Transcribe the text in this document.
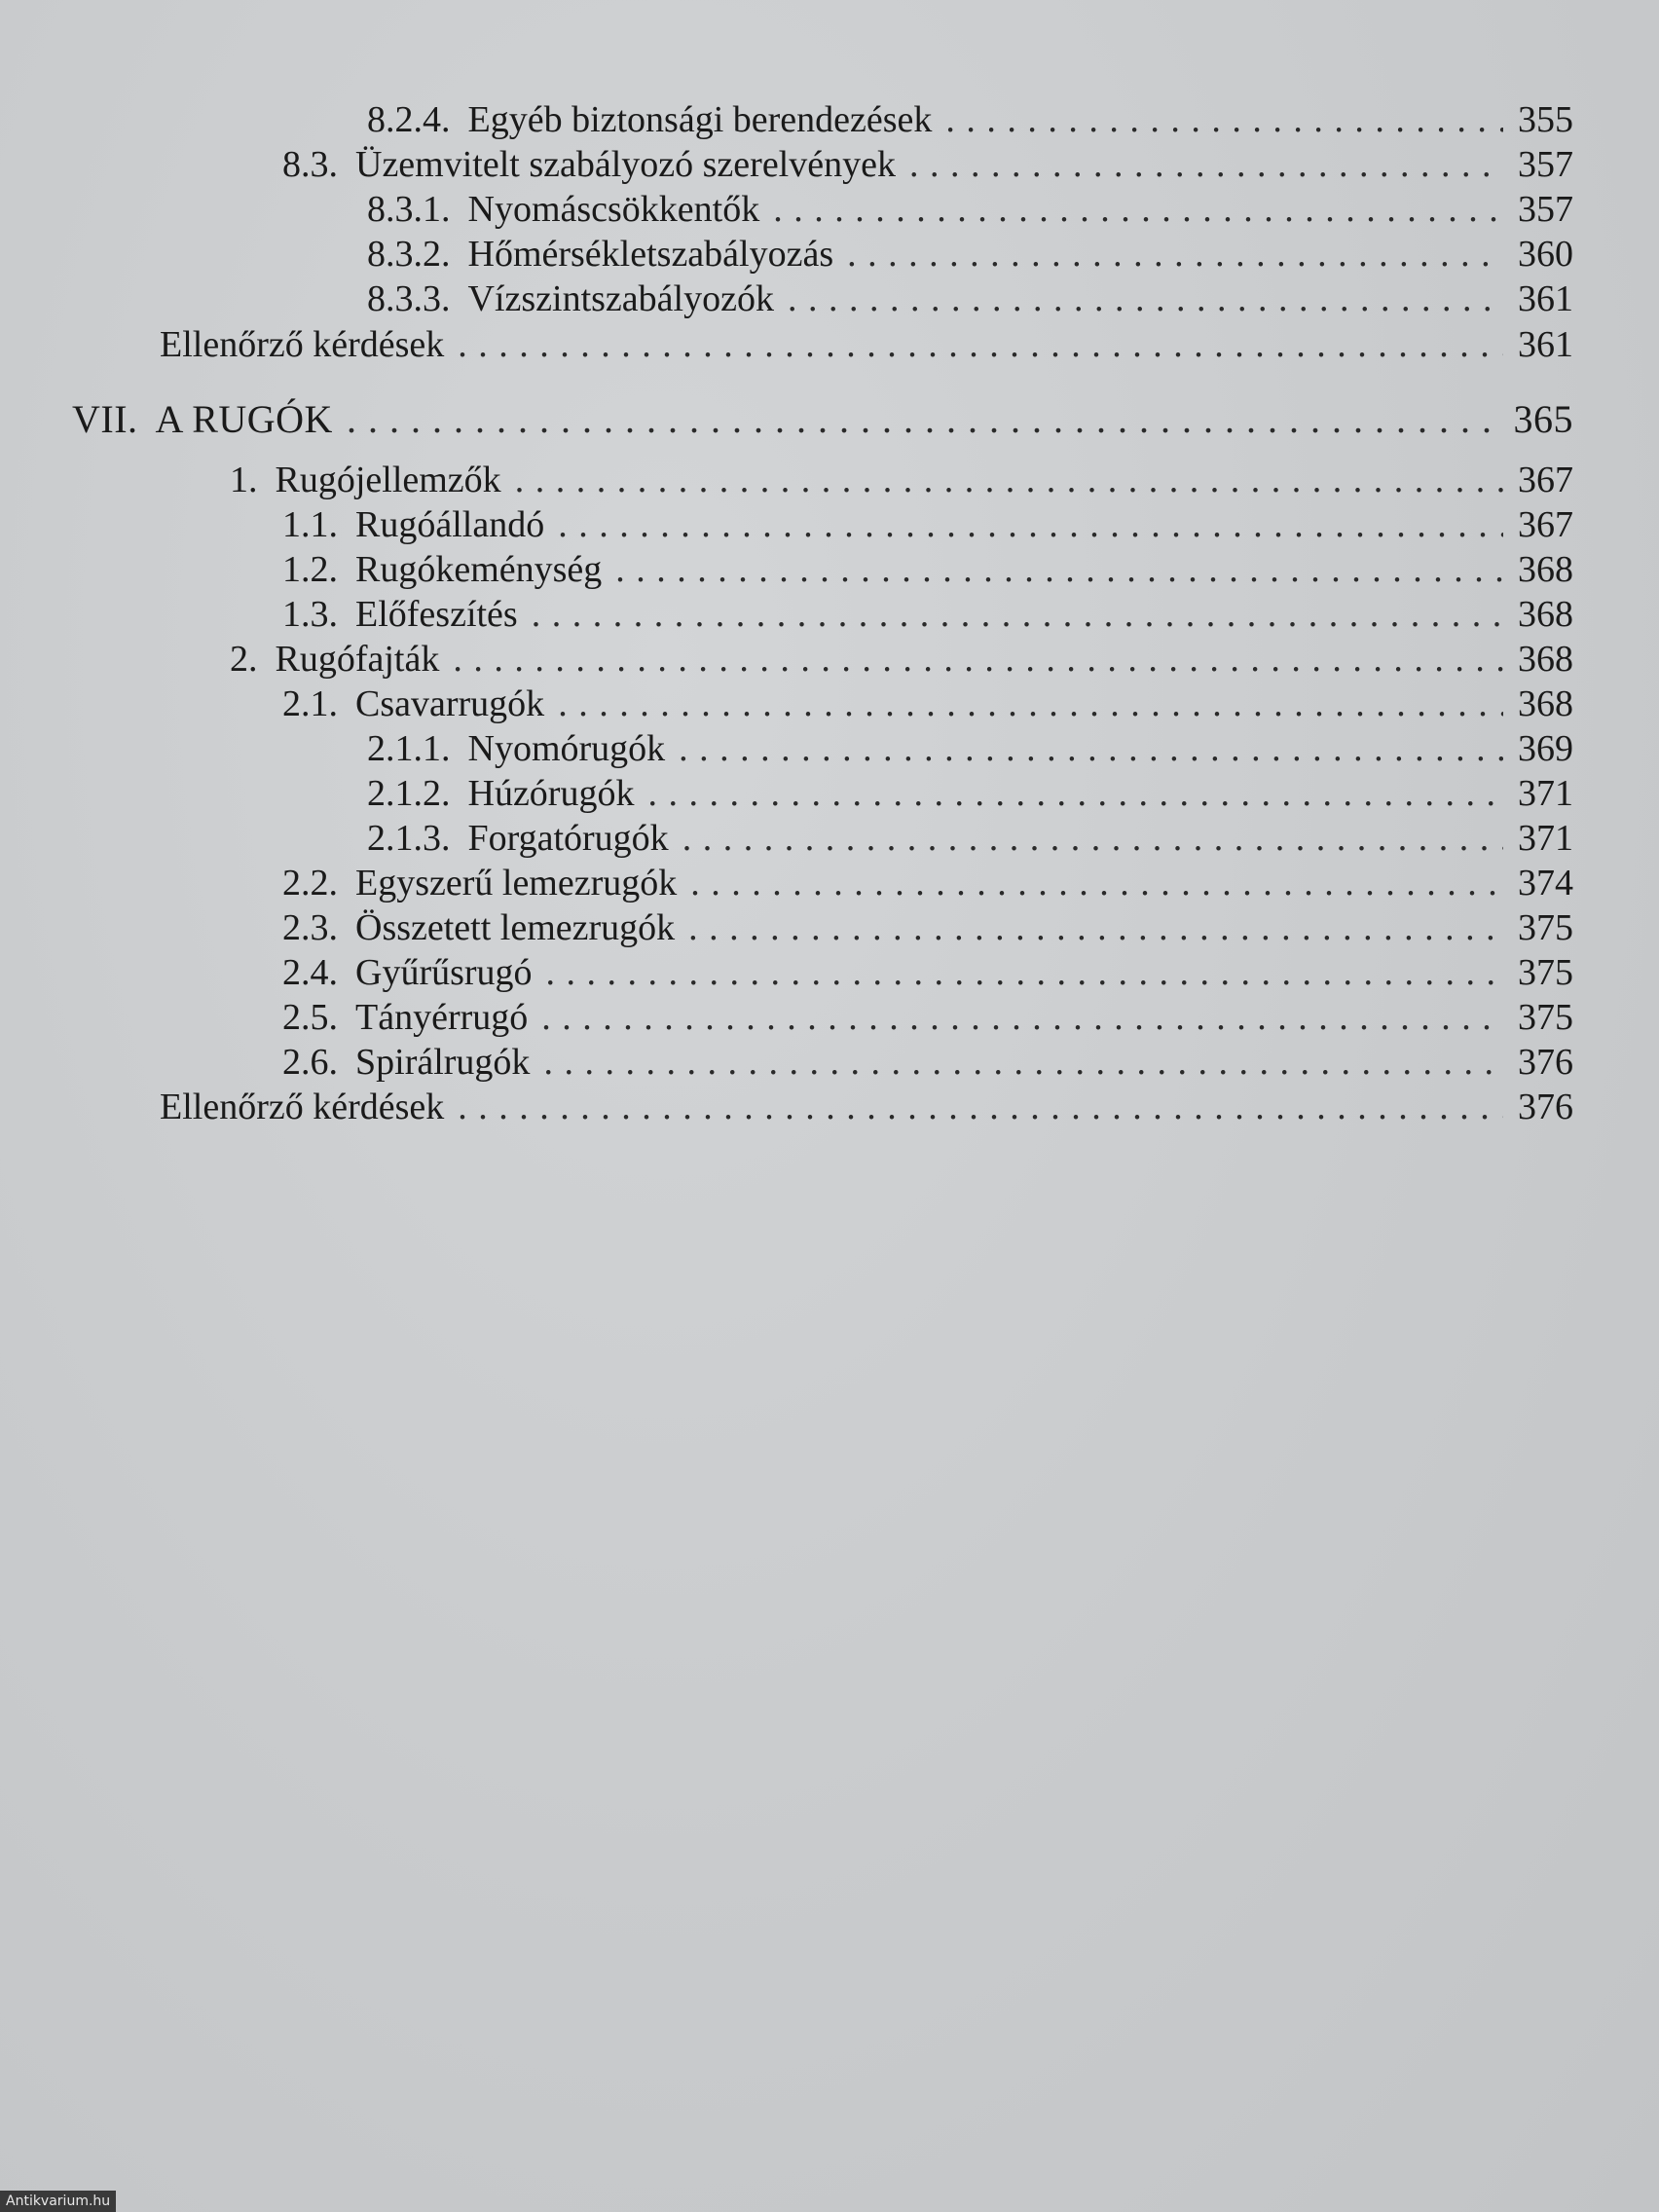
8.2.4. Egyéb biztonsági berendezések . . .	355
8.3. Üzemvitelt szabályozó szerelvények . . .	357
8.3.1. Nyomáscsökkentők . . .	357
8.3.2. Hőmérsékletszabályozás . . .	360
8.3.3. Vízszintszabályozók . . .	361
Ellenőrző kérdések . . .	361
VII. A RUGÓK . . .	365
1. Rugójellemzők . . .	367
1.1. Rugóállandó . . .	367
1.2. Rugókeménység . . .	368
1.3. Előfeszítés . . .	368
2. Rugófajták . . .	368
2.1. Csavarrugók . . .	368
2.1.1. Nyomórugók . . .	369
2.1.2. Húzórugók . . .	371
2.1.3. Forgatórugók . . .	371
2.2. Egyszerű lemezrugók . . .	374
2.3. Összetett lemezrugók . . .	375
2.4. Gyűrűsrugó . . .	375
2.5. Tányérrugó . . .	375
2.6. Spirálrugók . . .	376
Ellenőrző kérdések . . .	376
Antikvarium.hu
